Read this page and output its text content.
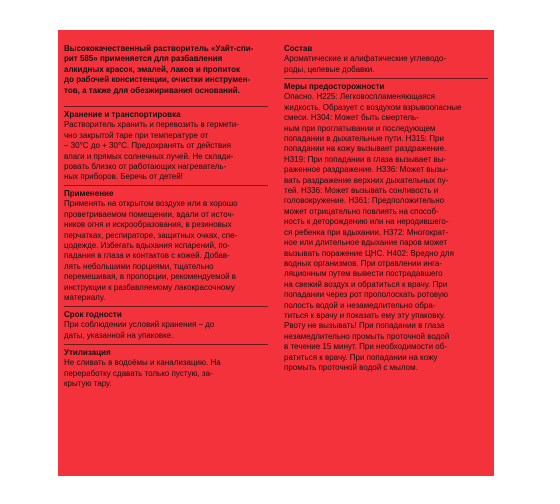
Высококачественный растворитель «Уайт-спи-
рит 585» применяется для разбавления
алкидных красок, эмалей, лаков и пропиток
до рабочей консистенции, очистки инструмен-
тов, а также для обезжиривания оснований.
Хранение и транспортировка
Растворитель хранить и перевозить в гермети-
чно закрытой таре при температуре от
– 30°C до + 30°C. Предохранять от действия
влаги и прямых солнечных лучей. Не склади-
ровать близко от работающих нагреватель-
ных приборов. Беречь от детей!
Применение
Применять на открытом воздухе или в хорошо
проветриваемом помещении, вдали от источ-
ников огня и искрообразования, в резиновых
перчатках, респираторе, защитных очках, спе-
цодежде. Избегать вдыхания испарений, по-
падания в глаза и контактов с кожей. Добав-
лять небольшими порциями, тщательно
перемешивая, в пропорции, рекомендуемой в
инструкции к разбавляемому лакокрасочному
материалу.
Срок годности
При соблюдении условий хранения – до
даты, указанной на упаковке.
Утилизация
Не сливать в водоёмы и канализацию. На
переработку сдавать только пустую, за-
крытую тару.
Состав
Ароматические и алифатические углеводо-
роды, целевые добавки.
Меры предосторожности
Опасно. H225: Легковоспламеняющаяся
жидкость. Образует с воздухом взрывоопасные
смеси. H304: Может быть смертель-
ным при проглатывании и последующем
попадании в дыхательные пути. H315: При
попадании на кожу вызывает раздражение.
H319: При попадании в глаза вызывает вы-
раженное раздражение. H336: Может вызы-
вать раздражение верхних дыхательных пу-
тей. H336: Может вызывать сонливость и
головокружение. H361: Предположительно
может отрицательно повлиять на способ-
ность к деторождению или на неродившего-
ся ребенка при вдыхании. H372: Многократ-
ное или длительное вдыхание паров может
вызывать поражение ЦНС. H402: Вредно для
водных организмов. При отравлении инга-
ляционным путем вывести пострадавшего
на свежий воздух и обратиться к врачу. При
попадании через рот прополоскать ротовую
полость водой и незамедлительно обра-
титься к врачу и показать ему эту упаковку.
Рвоту не вызывать! При попадании в глаза
незамедлительно промыть проточной водой
в течение 15 минут. При необходимости об-
ратиться к врачу. При попадании на кожу
промыть проточной водой с мылом.
